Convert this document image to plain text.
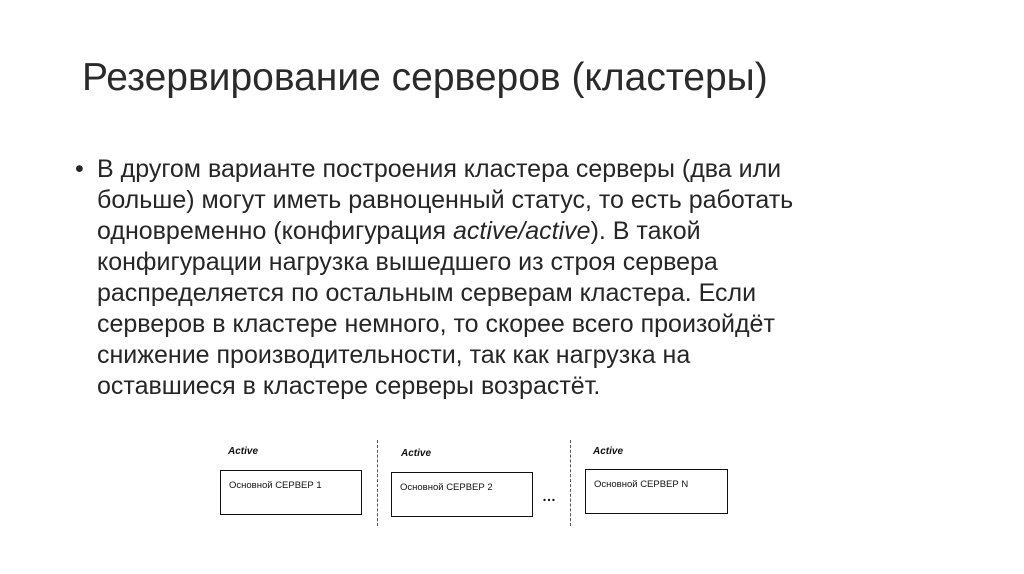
Резервирование серверов (кластеры)
• В другом варианте построения кластера серверы (два или
больше) могут иметь равноценный статус, то есть работать
одновременно (конфигурация active/active). В такой
конфигурации нагрузка вышедшего из строя сервера
распределяется по остальным серверам кластера. Если
серверов в кластере немного, то скорее всего произойдёт
снижение производительности, так как нагрузка на
оставшиеся в кластере серверы возрастёт.
Active
Основной СЕРВЕР 1
Active
Основной СЕРВЕР 2
…
Active
Основной СЕРВЕР N
